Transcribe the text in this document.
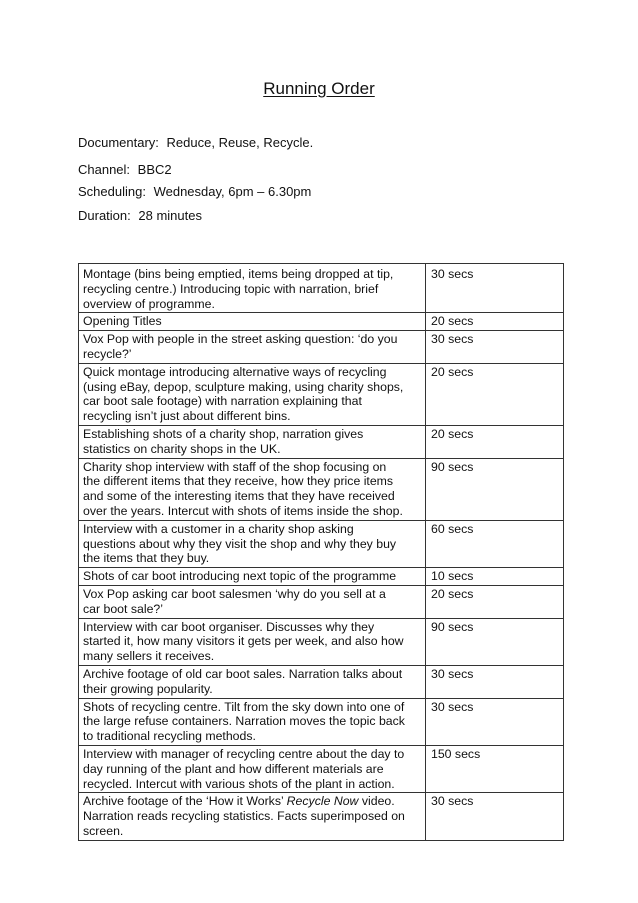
Running Order
Documentary: Reduce, Reuse, Recycle.
Channel: BBC2
Scheduling: Wednesday, 6pm – 6.30pm
Duration: 28 minutes
Montage (bins being emptied, items being dropped at tip,
recycling centre.) Introducing topic with narration, brief
overview of programme.	30 secs

Opening Titles	20 secs

Vox Pop with people in the street asking question: ‘do you
recycle?’	30 secs

Quick montage introducing alternative ways of recycling
(using eBay, depop, sculpture making, using charity shops,
car boot sale footage) with narration explaining that
recycling isn’t just about different bins.	20 secs

Establishing shots of a charity shop, narration gives
statistics on charity shops in the UK.	20 secs

Charity shop interview with staff of the shop focusing on
the different items that they receive, how they price items
and some of the interesting items that they have received
over the years. Intercut with shots of items inside the shop.	90 secs

Interview with a customer in a charity shop asking
questions about why they visit the shop and why they buy
the items that they buy.	60 secs

Shots of car boot introducing next topic of the programme	10 secs

Vox Pop asking car boot salesmen ‘why do you sell at a
car boot sale?’	20 secs

Interview with car boot organiser. Discusses why they
started it, how many visitors it gets per week, and also how
many sellers it receives.	90 secs

Archive footage of old car boot sales. Narration talks about
their growing popularity.	30 secs

Shots of recycling centre. Tilt from the sky down into one of
the large refuse containers. Narration moves the topic back
to traditional recycling methods.	30 secs

Interview with manager of recycling centre about the day to
day running of the plant and how different materials are
recycled. Intercut with various shots of the plant in action.	150 secs

Archive footage of the ‘How it Works’ Recycle Now video.
Narration reads recycling statistics. Facts superimposed on
screen.	30 secs
